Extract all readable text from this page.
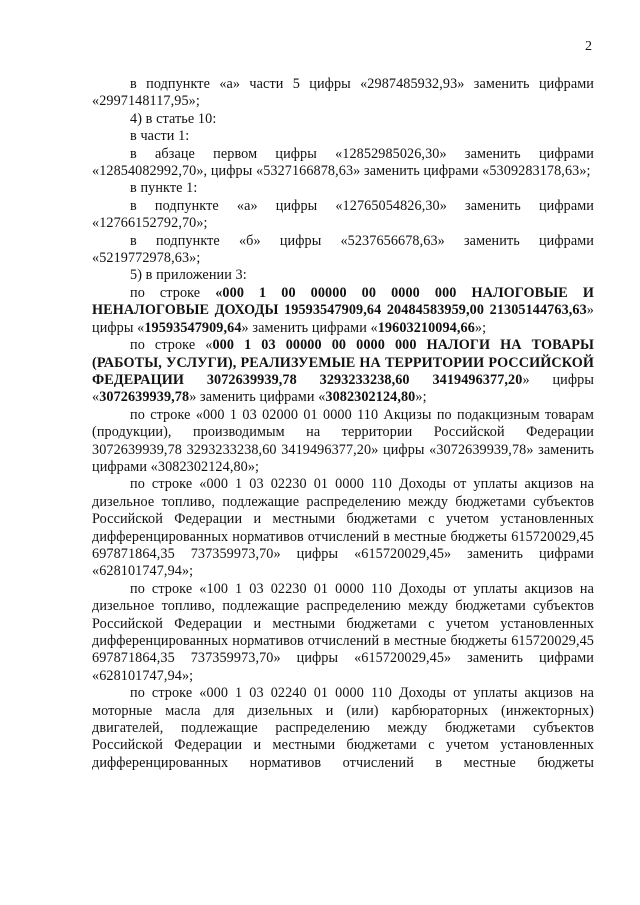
2

в подпункте «а» части 5 цифры «2987485932,93» заменить цифрами «2997148117,95»;

4) в статье 10:

в части 1:

в абзаце первом цифры «12852985026,30» заменить цифрами «12854082992,70», цифры «5327166878,63» заменить цифрами «5309283178,63»;

в пункте 1:

в подпункте «а» цифры «12765054826,30» заменить цифрами «12766152792,70»;

в подпункте «б» цифры «5237656678,63» заменить цифрами «5219772978,63»;

5) в приложении 3:

по строке «000 1 00 00000 00 0000 000 НАЛОГОВЫЕ И НЕНАЛОГОВЫЕ ДОХОДЫ 19593547909,64 20484583959,00 21305144763,63» цифры «19593547909,64» заменить цифрами «19603210094,66»;

по строке «000 1 03 00000 00 0000 000 НАЛОГИ НА ТОВАРЫ (РАБОТЫ, УСЛУГИ), РЕАЛИЗУЕМЫЕ НА ТЕРРИТОРИИ РОССИЙСКОЙ ФЕДЕРАЦИИ 3072639939,78 3293233238,60 3419496377,20» цифры «3072639939,78» заменить цифрами «3082302124,80»;

по строке «000 1 03 02000 01 0000 110 Акцизы по подакцизным товарам (продукции), производимым на территории Российской Федерации 3072639939,78 3293233238,60 3419496377,20» цифры «3072639939,78» заменить цифрами «3082302124,80»;

по строке «000 1 03 02230 01 0000 110 Доходы от уплаты акцизов на дизельное топливо, подлежащие распределению между бюджетами субъектов Российской Федерации и местными бюджетами с учетом установленных дифференцированных нормативов отчислений в местные бюджеты 615720029,45 697871864,35 737359973,70» цифры «615720029,45» заменить цифрами «628101747,94»;

по строке «100 1 03 02230 01 0000 110 Доходы от уплаты акцизов на дизельное топливо, подлежащие распределению между бюджетами субъектов Российской Федерации и местными бюджетами с учетом установленных дифференцированных нормативов отчислений в местные бюджеты 615720029,45 697871864,35 737359973,70» цифры «615720029,45» заменить цифрами «628101747,94»;

по строке «000 1 03 02240 01 0000 110 Доходы от уплаты акцизов на моторные масла для дизельных и (или) карбюраторных (инжекторных) двигателей, подлежащие распределению между бюджетами субъектов Российской Федерации и местными бюджетами с учетом установленных дифференцированных нормативов отчислений в местные бюджеты
